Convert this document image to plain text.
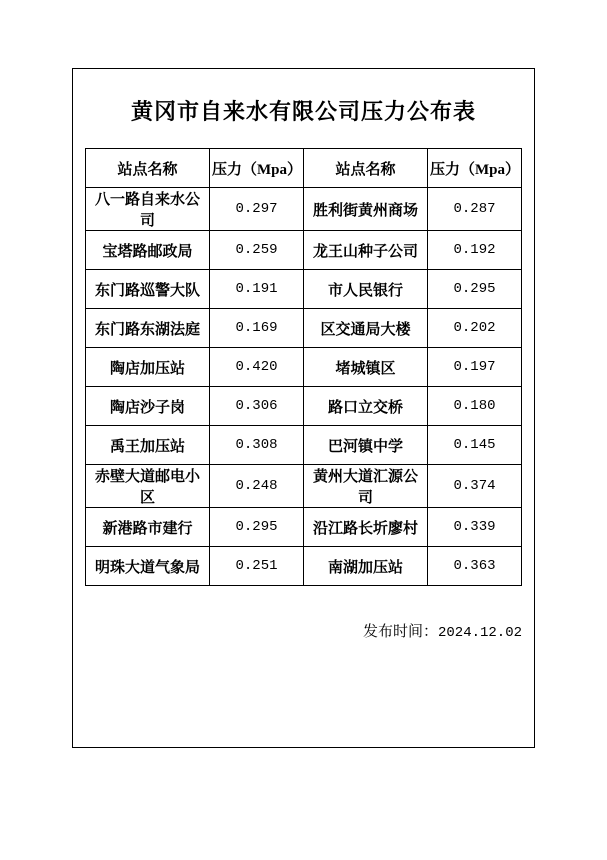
黄冈市自来水有限公司压力公布表
站点名称	压力（Mpa）	站点名称	压力（Mpa）
八一路自来水公司	0.297	胜利街黄州商场	0.287
宝塔路邮政局	0.259	龙王山种子公司	0.192
东门路巡警大队	0.191	市人民银行	0.295
东门路东湖法庭	0.169	区交通局大楼	0.202
陶店加压站	0.420	堵城镇区	0.197
陶店沙子岗	0.306	路口立交桥	0.180
禹王加压站	0.308	巴河镇中学	0.145
赤壁大道邮电小区	0.248	黄州大道汇源公司	0.374
新港路市建行	0.295	沿江路长圻廖村	0.339
明珠大道气象局	0.251	南湖加压站	0.363
发布时间：2024.12.02
